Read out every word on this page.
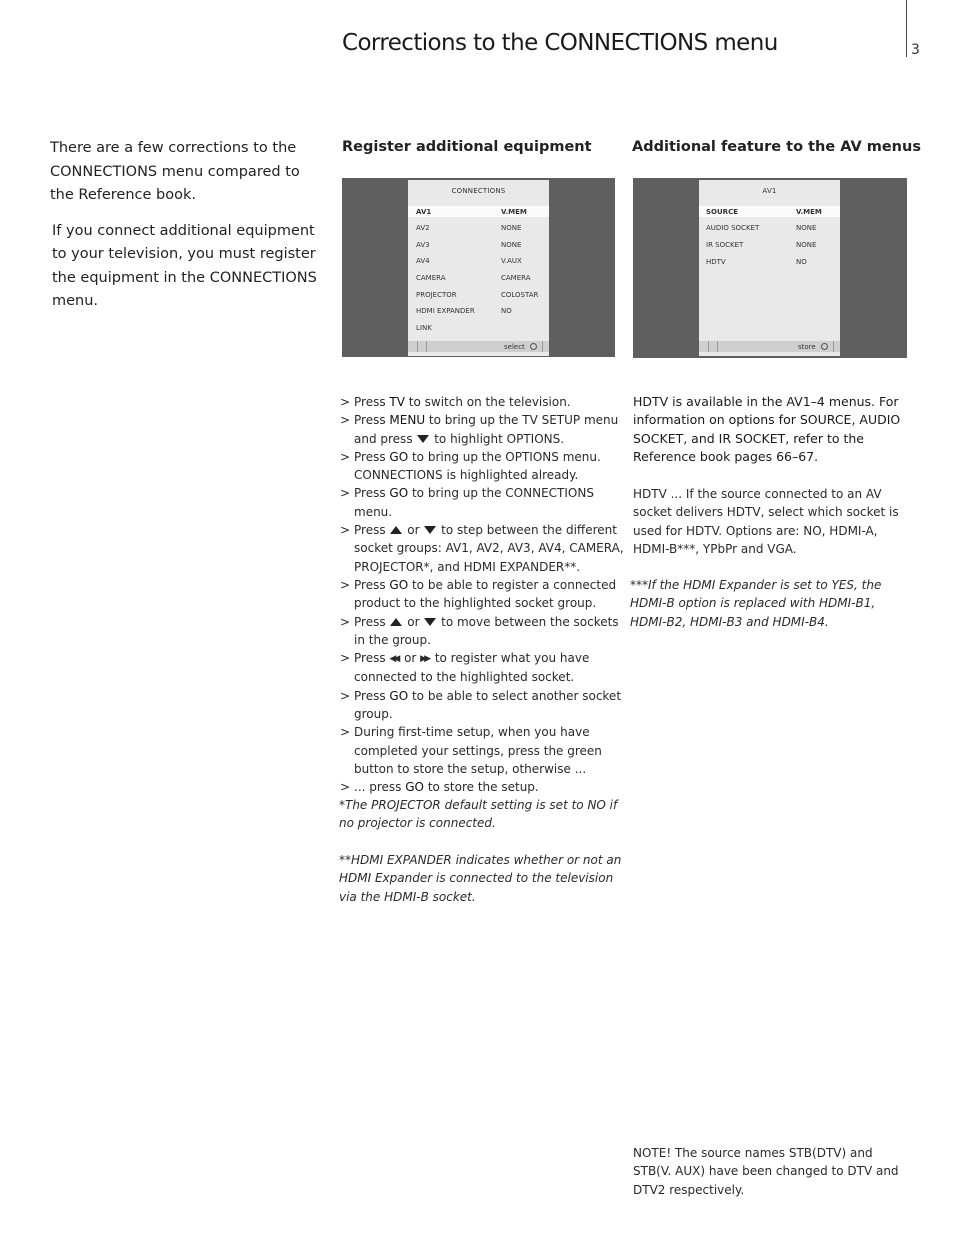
Corrections to the CONNECTIONS menu	3

There are a few corrections to the CONNECTIONS menu compared to the Reference book.

If you connect additional equipment to your television, you must register the equipment in the CONNECTIONS menu.

Register additional equipment
CONNECTIONS
AV1	V.MEM
AV2	NONE
AV3	NONE
AV4	V.AUX
CAMERA	CAMERA
PROJECTOR	COLOSTAR
HDMI EXPANDER	NO
LINK
select
Additional feature to the AV menus
AV1
SOURCE	V.MEM
AUDIO SOCKET	NONE
IR SOCKET	NONE
HDTV	NO
store
> Press TV to switch on the television.
> Press MENU to bring up the TV SETUP menu and press  to highlight OPTIONS.
> Press GO to bring up the OPTIONS menu. CONNECTIONS is highlighted already.
> Press GO to bring up the CONNECTIONS menu.
> Press  or  to step between the different socket groups: AV1, AV2, AV3, AV4, CAMERA, PROJECTOR*, and HDMI EXPANDER**.
> Press GO to be able to register a connected product to the highlighted socket group.
> Press  or  to move between the sockets in the group.
> Press ◀◀ or ▶▶ to register what you have connected to the highlighted socket.
> Press GO to be able to select another socket group.
> During first-time setup, when you have completed your settings, press the green button to store the setup, otherwise ...
> ... press GO to store the setup.
*The PROJECTOR default setting is set to NO if no projector is connected.
**HDMI EXPANDER indicates whether or not an HDMI Expander is connected to the television via the HDMI-B socket.
HDTV is available in the AV1–4 menus. For information on options for SOURCE, AUDIO SOCKET, and IR SOCKET, refer to the Reference book pages 66–67.
HDTV ... If the source connected to an AV socket delivers HDTV, select which socket is used for HDTV. Options are: NO, HDMI-A, HDMI-B***, YPbPr and VGA.
***If the HDMI Expander is set to YES, the HDMI-B option is replaced with HDMI-B1, HDMI-B2, HDMI-B3 and HDMI-B4.
NOTE! The source names STB(DTV) and STB(V. AUX) have been changed to DTV and DTV2 respectively.
